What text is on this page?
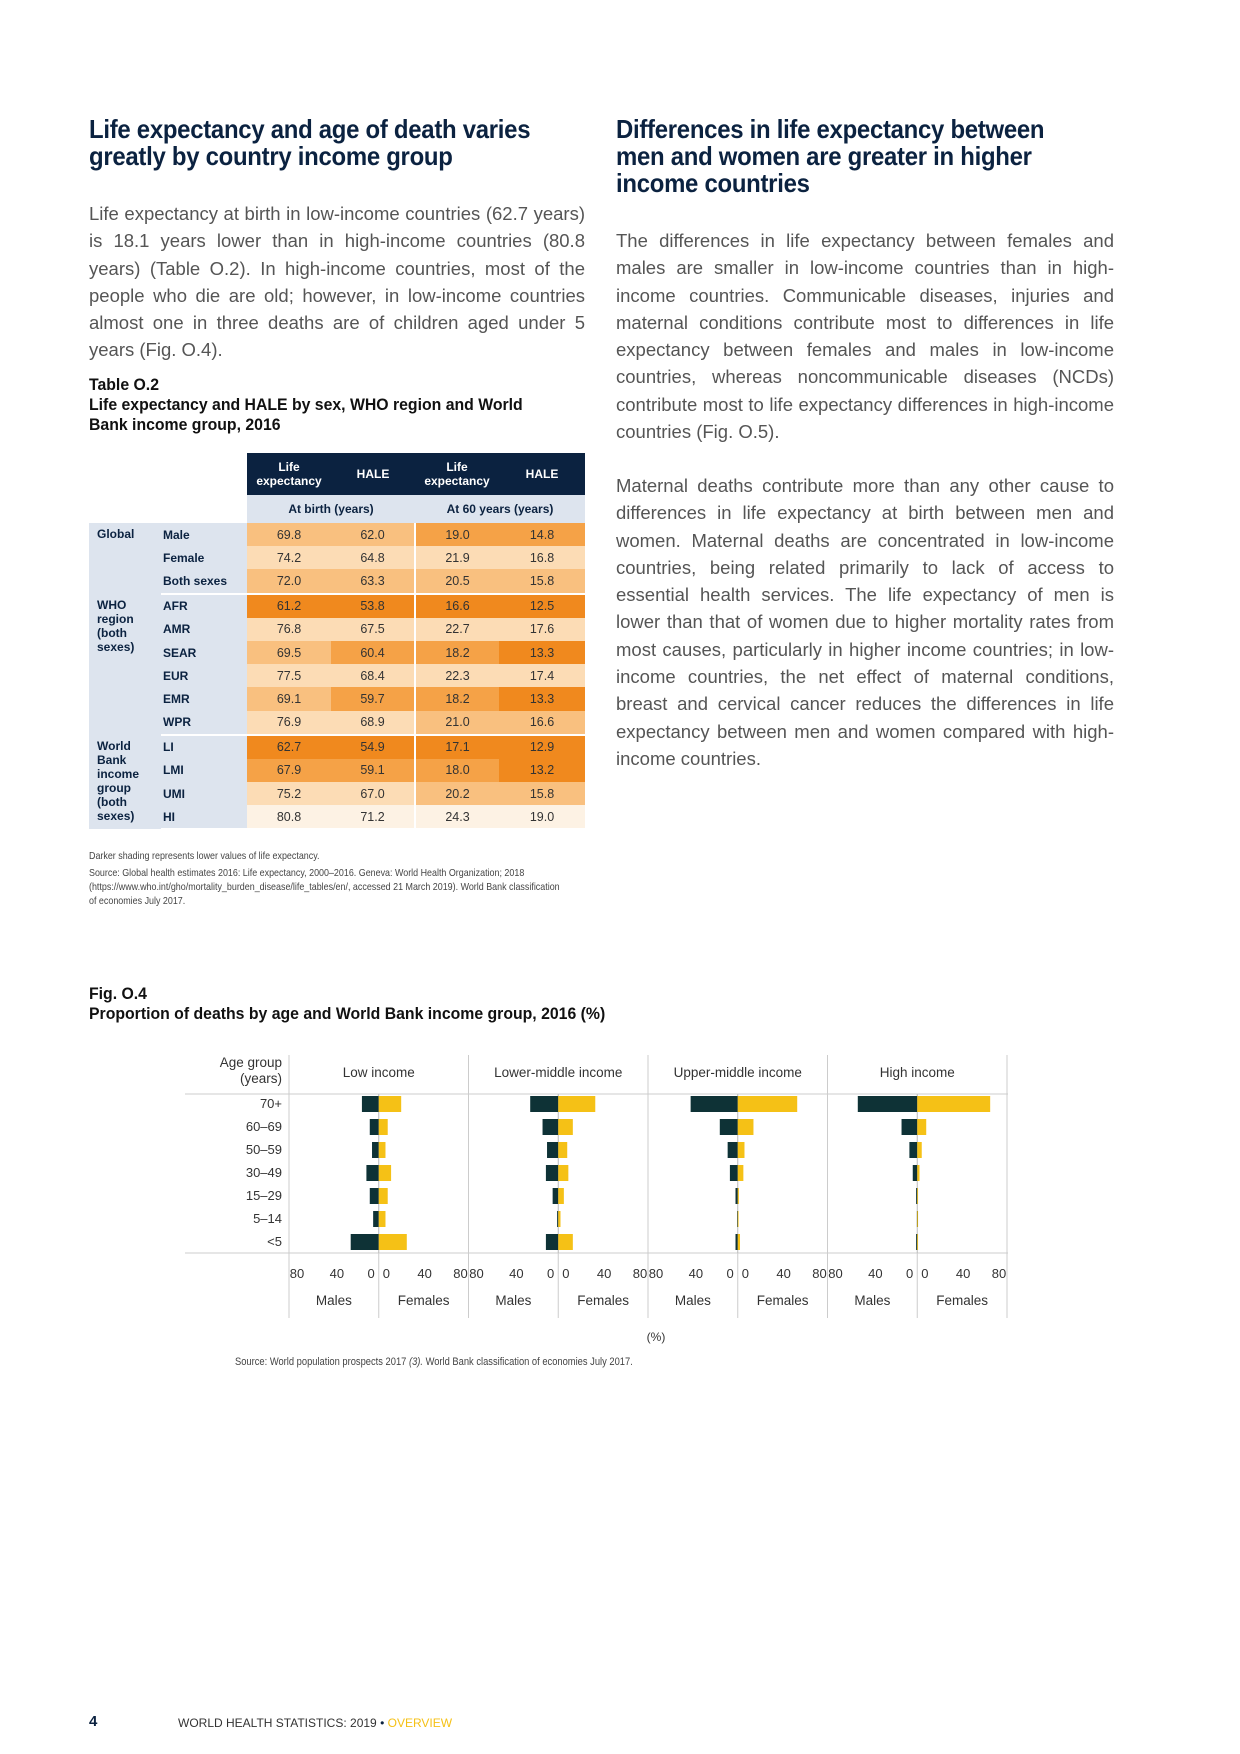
Life expectancy and age of death varies greatly by country income group

Life expectancy at birth in low-income countries (62.7 years) is 18.1 years lower than in high-income countries (80.8 years) (Table O.2). In high-income countries, most of the people who die are old; however, in low-income countries almost one in three deaths are of children aged under 5 years (Fig. O.4).

Table O.2
Life expectancy and HALE by sex, WHO region and World Bank income group, 2016
		Life expectancy	HALE	Life expectancy	HALE
		At birth (years)		At 60 years (years)	
Global	Male	69.8	62.0	19.0	14.8
	Female	74.2	64.8	21.9	16.8
	Both sexes	72.0	63.3	20.5	15.8
WHO region (both sexes)	AFR	61.2	53.8	16.6	12.5
	AMR	76.8	67.5	22.7	17.6
	SEAR	69.5	60.4	18.2	13.3
	EUR	77.5	68.4	22.3	17.4
	EMR	69.1	59.7	18.2	13.3
	WPR	76.9	68.9	21.0	16.6
World Bank income group (both sexes)	LI	62.7	54.9	17.1	12.9
	LMI	67.9	59.1	18.0	13.2
	UMI	75.2	67.0	20.2	15.8
	HI	80.8	71.2	24.3	19.0
Darker shading represents lower values of life expectancy.
Source: Global health estimates 2016: Life expectancy, 2000–2016. Geneva: World Health Organization; 2018 (https://www.who.int/gho/mortality_burden_disease/life_tables/en/, accessed 21 March 2019). World Bank classification of economies July 2017.
Differences in life expectancy between men and women are greater in higher income countries

The differences in life expectancy between females and males are smaller in low-income countries than in high-income countries. Communicable diseases, injuries and maternal conditions contribute most to differences in life expectancy between females and males in low-income countries, whereas noncommunicable diseases (NCDs) contribute most to life expectancy differences in high-income countries (Fig. O.5).

Maternal deaths contribute more than any other cause to differences in life expectancy at birth between men and women. Maternal deaths are concentrated in low-income countries, being related primarily to lack of access to essential health services. The life expectancy of men is lower than that of women due to higher mortality rates from most causes, particularly in higher income countries; in low-income countries, the net effect of maternal conditions, breast and cervical cancer reduces the differences in life expectancy between men and women compared with high-income countries.

Fig. O.4
Proportion of deaths by age and World Bank income group, 2016 (%)
Age group (years)
70+
60–69
50–59
30–49
15–29
5–14
<5
Low income
80 40 0 0 40 80
Males	Females
Lower-middle income
80 40 0 0 40 80
Males	Females
Upper-middle income
80 40 0 0 40 80
Males	Females
High income
80 40 0 0 40 80
Males	Females
(%)
Source: World population prospects 2017 (3). World Bank classification of economies July 2017.
4	WORLD HEALTH STATISTICS: 2019 • OVERVIEW
